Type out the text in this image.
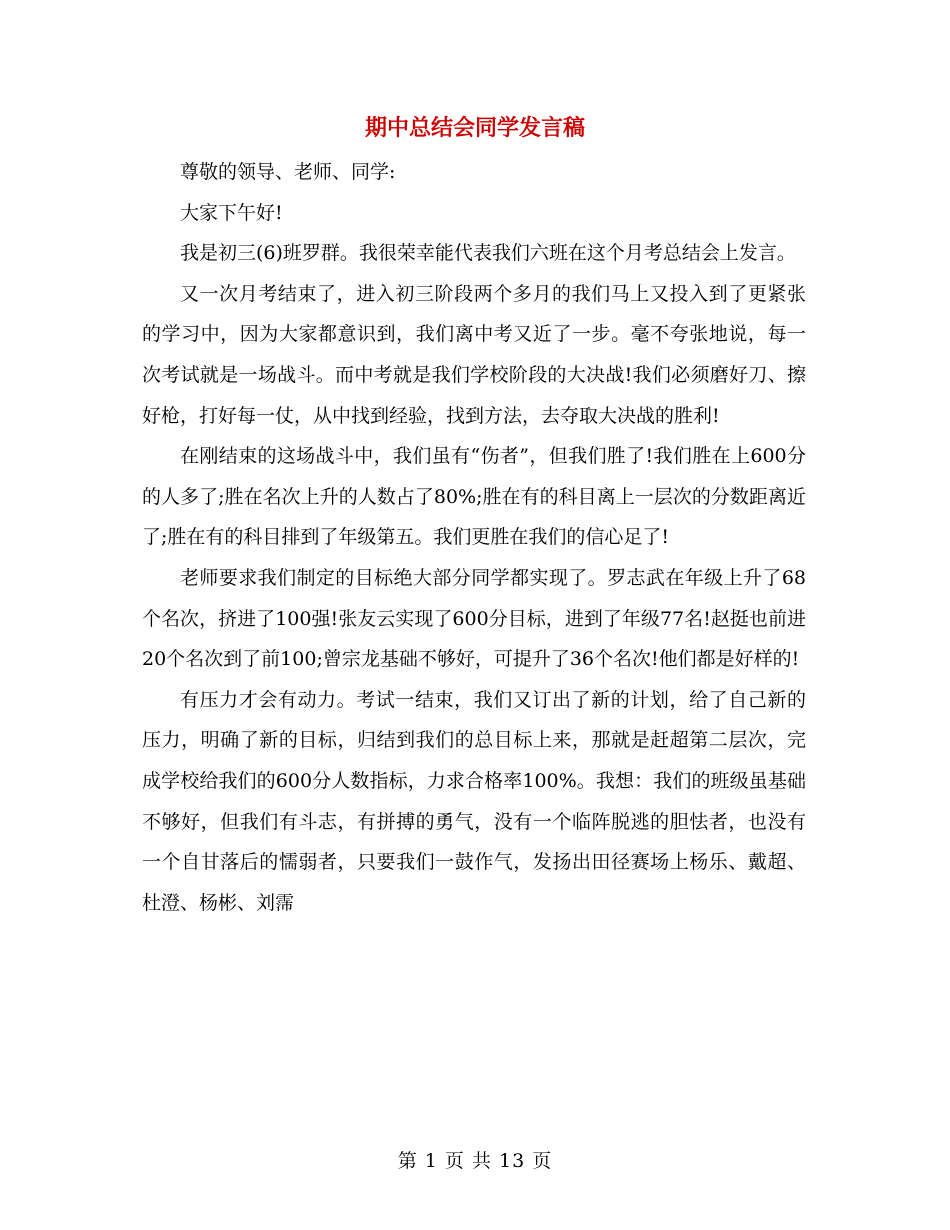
期中总结会同学发言稿

尊敬的领导、老师、同学:

大家下午好!

我是初三(6)班罗群。我很荣幸能代表我们六班在这个月考总结会上发言。

又一次月考结束了，进入初三阶段两个多月的我们马上又投入到了更紧张的学习中，因为大家都意识到，我们离中考又近了一步。毫不夸张地说，每一次考试就是一场战斗。而中考就是我们学校阶段的大决战!我们必须磨好刀、擦好枪，打好每一仗，从中找到经验，找到方法，去夺取大决战的胜利!

在刚结束的这场战斗中，我们虽有“伤者”，但我们胜了!我们胜在上600分的人多了;胜在名次上升的人数占了80%;胜在有的科目离上一层次的分数距离近了;胜在有的科目排到了年级第五。我们更胜在我们的信心足了!

老师要求我们制定的目标绝大部分同学都实现了。罗志武在年级上升了68个名次，挤进了100强!张友云实现了600分目标，进到了年级77名!赵挺也前进20个名次到了前100;曾宗龙基础不够好，可提升了36个名次!他们都是好样的!

有压力才会有动力。考试一结束，我们又订出了新的计划，给了自己新的压力，明确了新的目标，归结到我们的总目标上来，那就是赶超第二层次，完成学校给我们的600分人数指标，力求合格率100%。我想：我们的班级虽基础不够好，但我们有斗志，有拼搏的勇气，没有一个临阵脱逃的胆怯者，也没有一个自甘落后的懦弱者，只要我们一鼓作气，发扬出田径赛场上杨乐、戴超、杜澄、杨彬、刘霈

第 1 页 共 13 页
